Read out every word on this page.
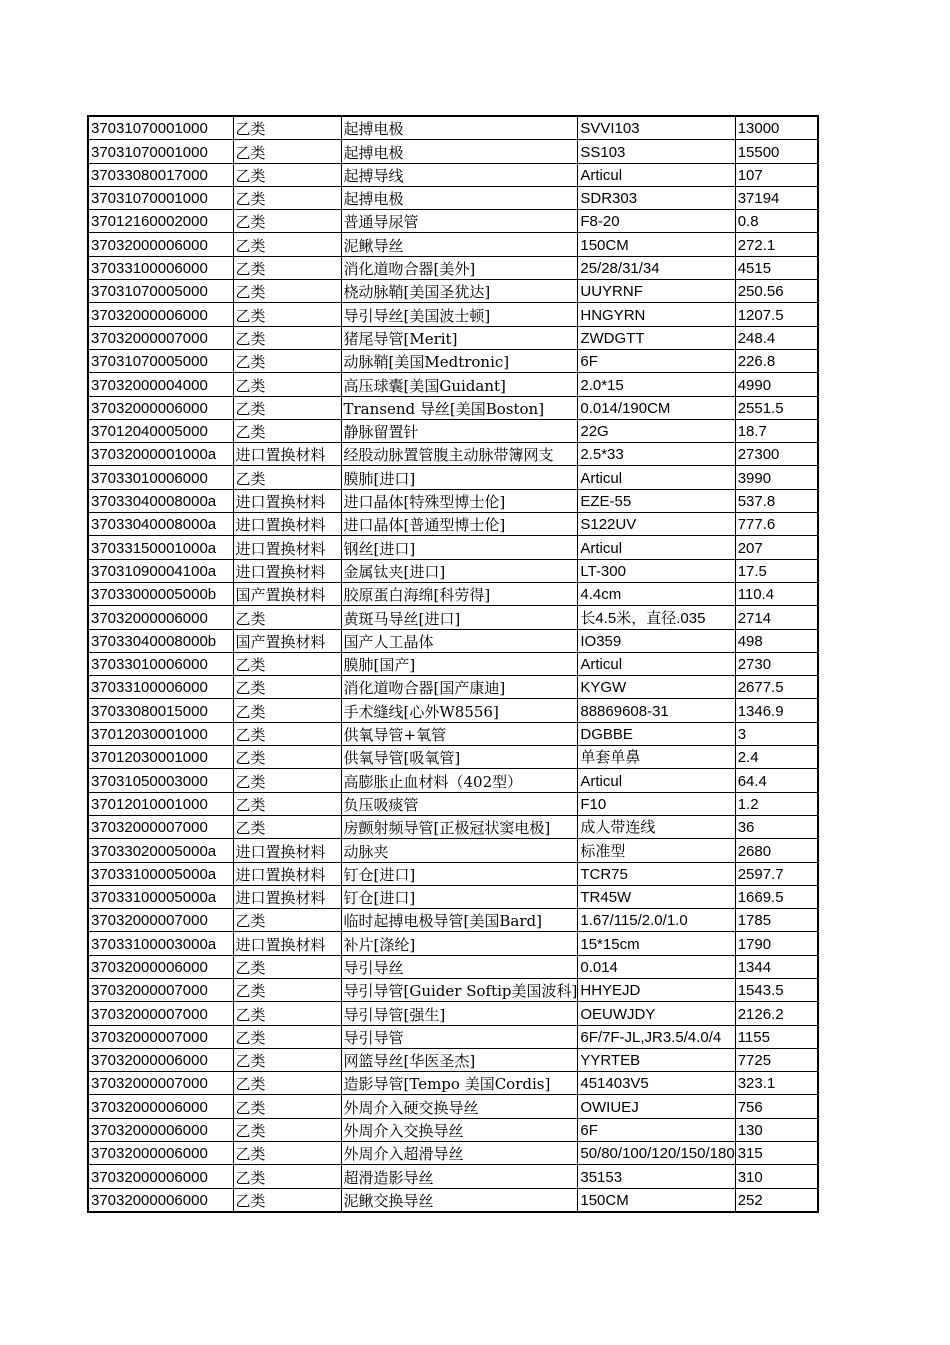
37031070001000	乙类	起搏电极	SVVI103	13000
37031070001000	乙类	起搏电极	SS103	15500
37033080017000	乙类	起搏导线	Articul	107
37031070001000	乙类	起搏电极	SDR303	37194
37012160002000	乙类	普通导尿管	F8-20	0.8
37032000006000	乙类	泥鳅导丝	150CM	272.1
37033100006000	乙类	消化道吻合器[美外]	25/28/31/34	4515
37031070005000	乙类	桡动脉鞘[美国圣犹达]	UUYRNF	250.56
37032000006000	乙类	导引导丝[美国波士顿]	HNGYRN	1207.5
37032000007000	乙类	猪尾导管[Merit]	ZWDGTT	248.4
37031070005000	乙类	动脉鞘[美国Medtronic]	6F	226.8
37032000004000	乙类	高压球囊[美国Guidant]	2.0*15	4990
37032000006000	乙类	Transend 导丝[美国Boston]	0.014/190CM	2551.5
37012040005000	乙类	静脉留置针	22G	18.7
37032000001000a	进口置换材料	经股动脉置管腹主动脉带簿网支	2.5*33	27300
37033010006000	乙类	膜肺[进口]	Articul	3990
37033040008000a	进口置换材料	进口晶体[特殊型博士伦]	EZE-55	537.8
37033040008000a	进口置换材料	进口晶体[普通型博士伦]	S122UV	777.6
37033150001000a	进口置换材料	钢丝[进口]	Articul	207
37031090004100a	进口置换材料	金属钛夹[进口]	LT-300	17.5
37033000005000b	国产置换材料	胶原蛋白海绵[科劳得]	4.4cm	110.4
37032000006000	乙类	黄斑马导丝[进口]	长4.5米，直径.035	2714
37033040008000b	国产置换材料	国产人工晶体	IO359	498
37033010006000	乙类	膜肺[国产]	Articul	2730
37033100006000	乙类	消化道吻合器[国产康迪]	KYGW	2677.5
37033080015000	乙类	手术缝线[心外W8556]	88869608-31	1346.9
37012030001000	乙类	供氧导管+氧管	DGBBE	3
37012030001000	乙类	供氧导管[吸氧管]	单套单鼻	2.4
37031050003000	乙类	高膨胀止血材料（402型）	Articul	64.4
37012010001000	乙类	负压吸痰管	F10	1.2
37032000007000	乙类	房颤射频导管[正极冠状窦电极]	成人带连线	36
37033020005000a	进口置换材料	动脉夹	标准型	2680
37033100005000a	进口置换材料	钉仓[进口]	TCR75	2597.7
37033100005000a	进口置换材料	钉仓[进口]	TR45W	1669.5
37032000007000	乙类	临时起搏电极导管[美国Bard]	1.67/115/2.0/1.0	1785
37033100003000a	进口置换材料	补片[涤纶]	15*15cm	1790
37032000006000	乙类	导引导丝	0.014	1344
37032000007000	乙类	导引导管[Guider Softip美国波科]	HHYEJD	1543.5
37032000007000	乙类	导引导管[强生]	OEUWJDY	2126.2
37032000007000	乙类	导引导管	6F/7F-JL,JR3.5/4.0/4	1155
37032000006000	乙类	网篮导丝[华医圣杰]	YYRTEB	7725
37032000007000	乙类	造影导管[Tempo 美国Cordis]	451403V5	323.1
37032000006000	乙类	外周介入硬交换导丝	OWIUEJ	756
37032000006000	乙类	外周介入交换导丝	6F	130
37032000006000	乙类	外周介入超滑导丝	50/80/100/120/150/180	315
37032000006000	乙类	超滑造影导丝	35153	310
37032000006000	乙类	泥鳅交换导丝	150CM	252
